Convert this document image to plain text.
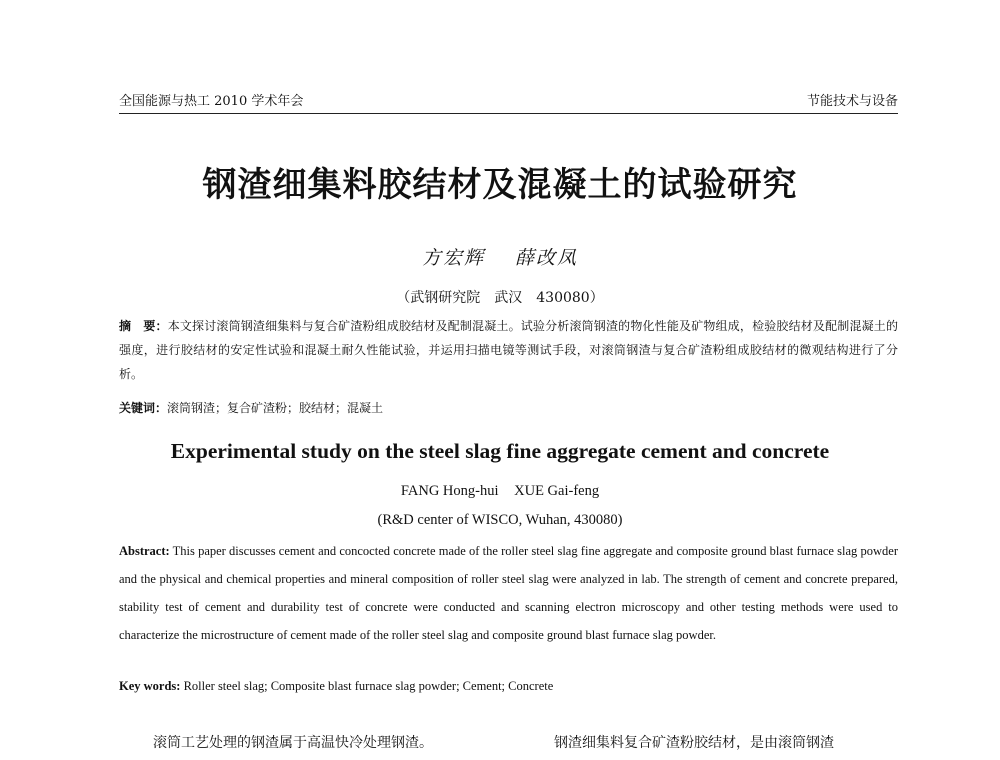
全国能源与热工 2010 学术年会	节能技术与设备
钢渣细集料胶结材及混凝土的试验研究
方宏辉 薛改凤
（武钢研究院　武汉　430080）
摘　要：本文探讨滚筒钢渣细集料与复合矿渣粉组成胶结材及配制混凝土。试验分析滚筒钢渣的物化性能及矿物组成，检验胶结材及配制混凝土的强度，进行胶结材的安定性试验和混凝土耐久性能试验，并运用扫描电镜等测试手段，对滚筒钢渣与复合矿渣粉组成胶结材的微观结构进行了分析。
关键词：滚筒钢渣；复合矿渣粉；胶结材；混凝土
Experimental study on the steel slag fine aggregate cement and concrete
FANG Hong-hui XUE Gai-feng
(R&D center of WISCO, Wuhan, 430080)
Abstract: This paper discusses cement and concocted concrete made of the roller steel slag fine aggregate and composite ground blast furnace slag powder and the physical and chemical properties and mineral composition of roller steel slag were analyzed in lab. The strength of cement and concrete prepared, stability test of cement and durability test of concrete were conducted and scanning electron microscopy and other testing methods were used to characterize the microstructure of cement made of the roller steel slag and composite ground blast furnace slag powder.
Key words: Roller steel slag; Composite blast furnace slag powder; Cement; Concrete
滚筒工艺处理的钢渣属于高温快冷处理钢渣。	钢渣细集料复合矿渣粉胶结材，是由滚筒钢渣
